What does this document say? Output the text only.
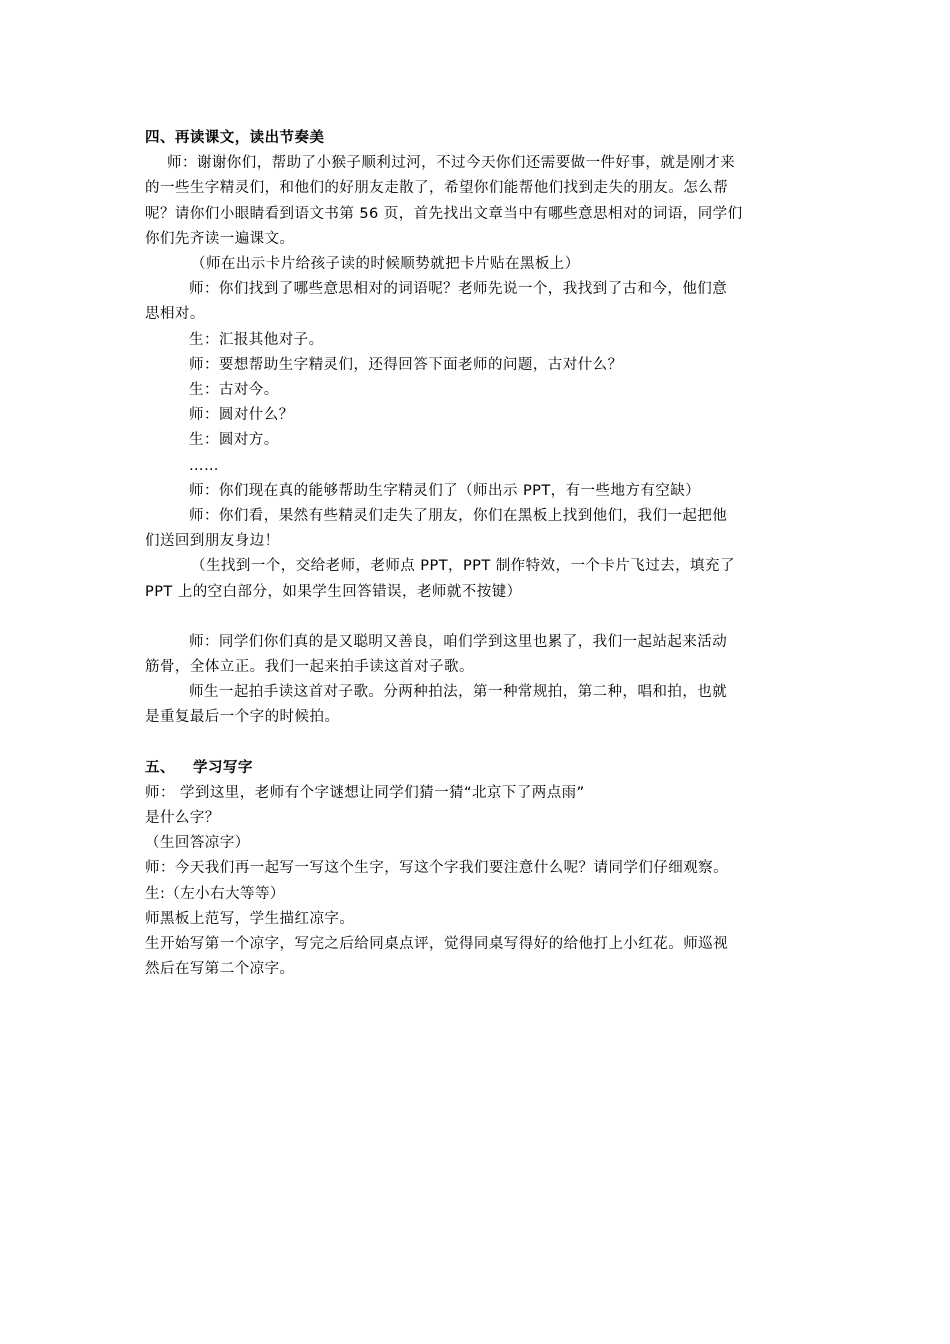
四、再读课文，读出节奏美

师：谢谢你们，帮助了小猴子顺利过河，不过今天你们还需要做一件好事，就是刚才来

的一些生字精灵们，和他们的好朋友走散了，希望你们能帮他们找到走失的朋友。怎么帮

呢？请你们小眼睛看到语文书第 56 页，首先找出文章当中有哪些意思相对的词语，同学们

你们先齐读一遍课文。

（师在出示卡片给孩子读的时候顺势就把卡片贴在黑板上）

师：你们找到了哪些意思相对的词语呢？老师先说一个，我找到了古和今，他们意

思相对。

生：汇报其他对子。

师：要想帮助生字精灵们，还得回答下面老师的问题，古对什么？

生：古对今。

师：圆对什么？

生：圆对方。

……

师：你们现在真的能够帮助生字精灵们了（师出示 PPT，有一些地方有空缺）

师：你们看，果然有些精灵们走失了朋友，你们在黑板上找到他们，我们一起把他

们送回到朋友身边！

（生找到一个，交给老师，老师点 PPT，PPT 制作特效，一个卡片飞过去，填充了

PPT 上的空白部分，如果学生回答错误，老师就不按键）

师：同学们你们真的是又聪明又善良，咱们学到这里也累了，我们一起站起来活动

筋骨，全体立正。我们一起来拍手读这首对子歌。

师生一起拍手读这首对子歌。分两种拍法，第一种常规拍，第二种，唱和拍，也就

是重复最后一个字的时候拍。

五、 学习写字

师： 学到这里，老师有个字谜想让同学们猜一猜“北京下了两点雨”

是什么字？

（生回答凉字）

师：今天我们再一起写一写这个生字，写这个字我们要注意什么呢？请同学们仔细观察。

生:（左小右大等等）

师黑板上范写，学生描红凉字。

生开始写第一个凉字，写完之后给同桌点评，觉得同桌写得好的给他打上小红花。师巡视

然后在写第二个凉字。
